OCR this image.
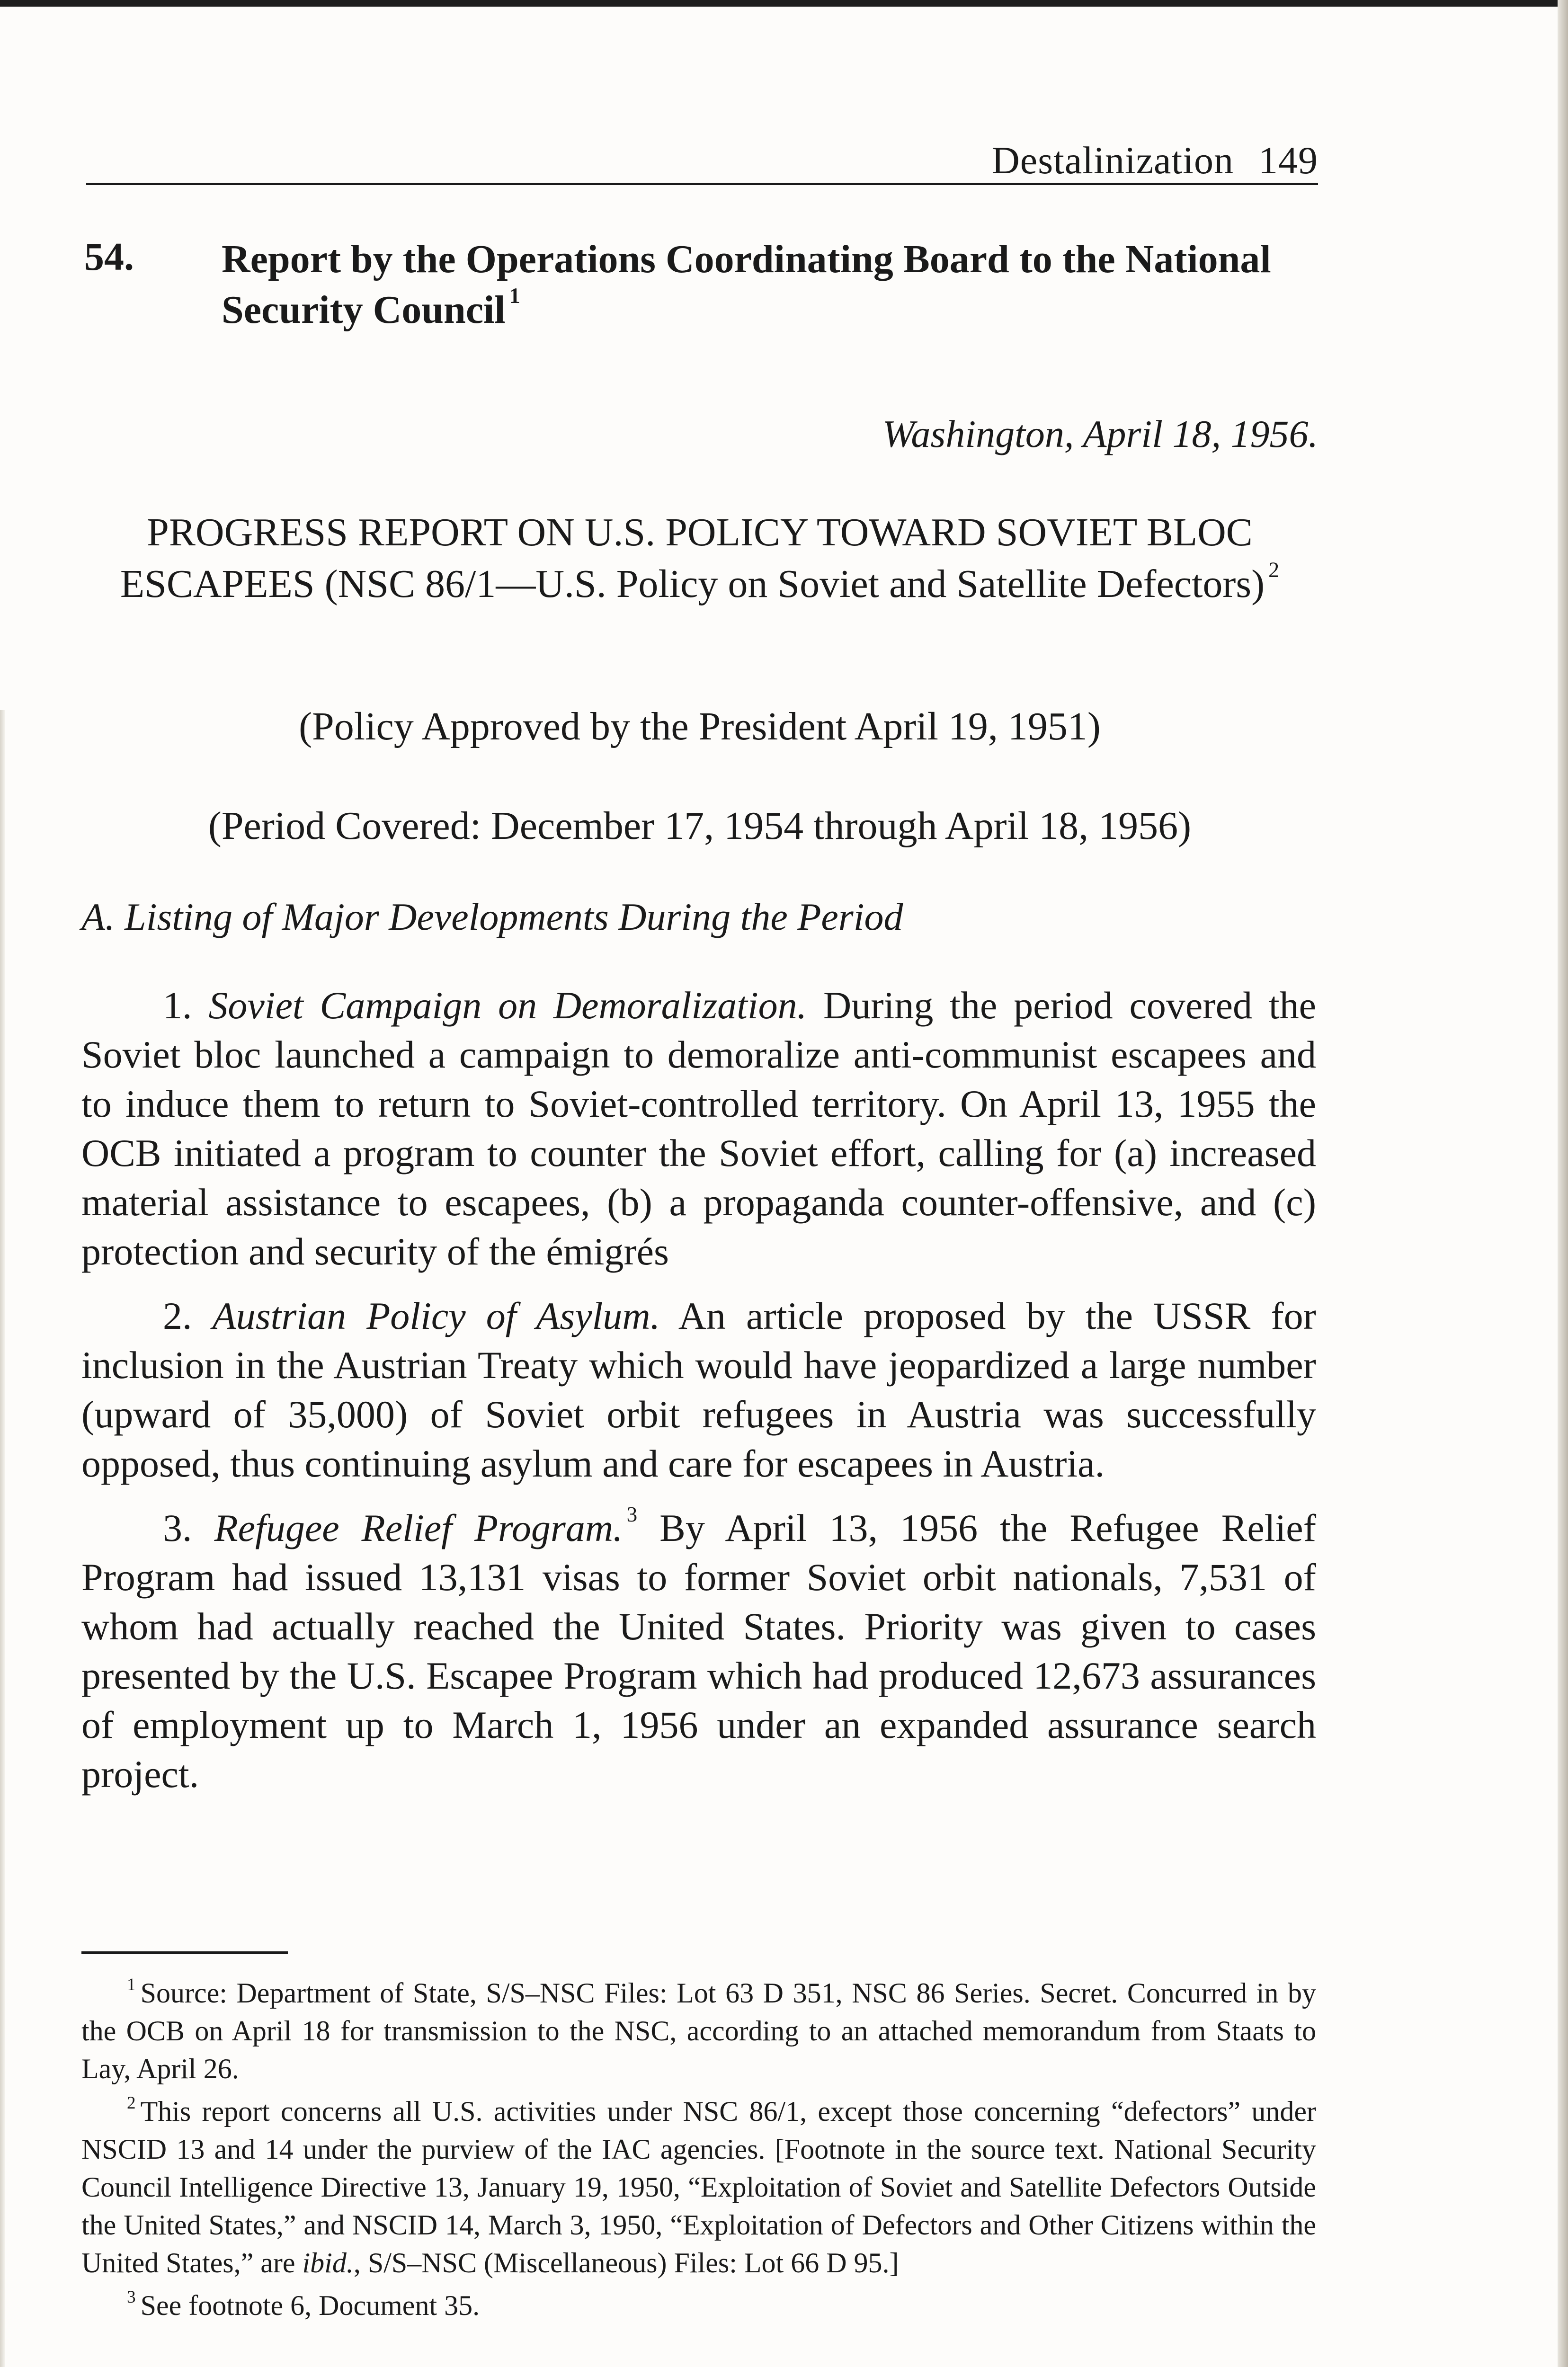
Destalinization 149
54. Report by the Operations Coordinating Board to the National Security Council $^1$
Washington, April 18, 1956.
PROGRESS REPORT ON U.S. POLICY TOWARD SOVIET BLOC ESCAPEES (NSC 86/1—U.S. Policy on Soviet and Satellite Defectors) $^2$
(Policy Approved by the President April 19, 1951)
(Period Covered: December 17, 1954 through April 18, 1956)
A. Listing of Major Developments During the Period

1. Soviet Campaign on Demoralization. During the period covered the Soviet bloc launched a campaign to demoralize anti-communist escapees and to induce them to return to Soviet-controlled territory. On April 13, 1955 the OCB initiated a program to counter the Soviet effort, calling for (a) increased material assistance to escapees, (b) a propaganda counter-offensive, and (c) protection and security of the émigrés

2. Austrian Policy of Asylum. An article proposed by the USSR for inclusion in the Austrian Treaty which would have jeopardized a large number (upward of 35,000) of Soviet orbit refugees in Austria was successfully opposed, thus continuing asylum and care for escapees in Austria.

3. Refugee Relief Program. $^3$ By April 13, 1956 the Refugee Relief Program had issued 13,131 visas to former Soviet orbit nationals, 7,531 of whom had actually reached the United States. Priority was given to cases presented by the U.S. Escapee Program which had produced 12,673 assurances of employment up to March 1, 1956 under an expanded assurance search project.

$^1$ Source: Department of State, S/S–NSC Files: Lot 63 D 351, NSC 86 Series. Secret. Concurred in by the OCB on April 18 for transmission to the NSC, according to an attached memorandum from Staats to Lay, April 26.

$^2$ This report concerns all U.S. activities under NSC 86/1, except those concerning “defectors” under NSCID 13 and 14 under the purview of the IAC agencies. [Footnote in the source text. National Security Council Intelligence Directive 13, January 19, 1950, “Exploitation of Soviet and Satellite Defectors Outside the United States,” and NSCID 14, March 3, 1950, “Exploitation of Defectors and Other Citizens within the United States,” are ibid., S/S–NSC (Miscellaneous) Files: Lot 66 D 95.]

$^3$ See footnote 6, Document 35.
